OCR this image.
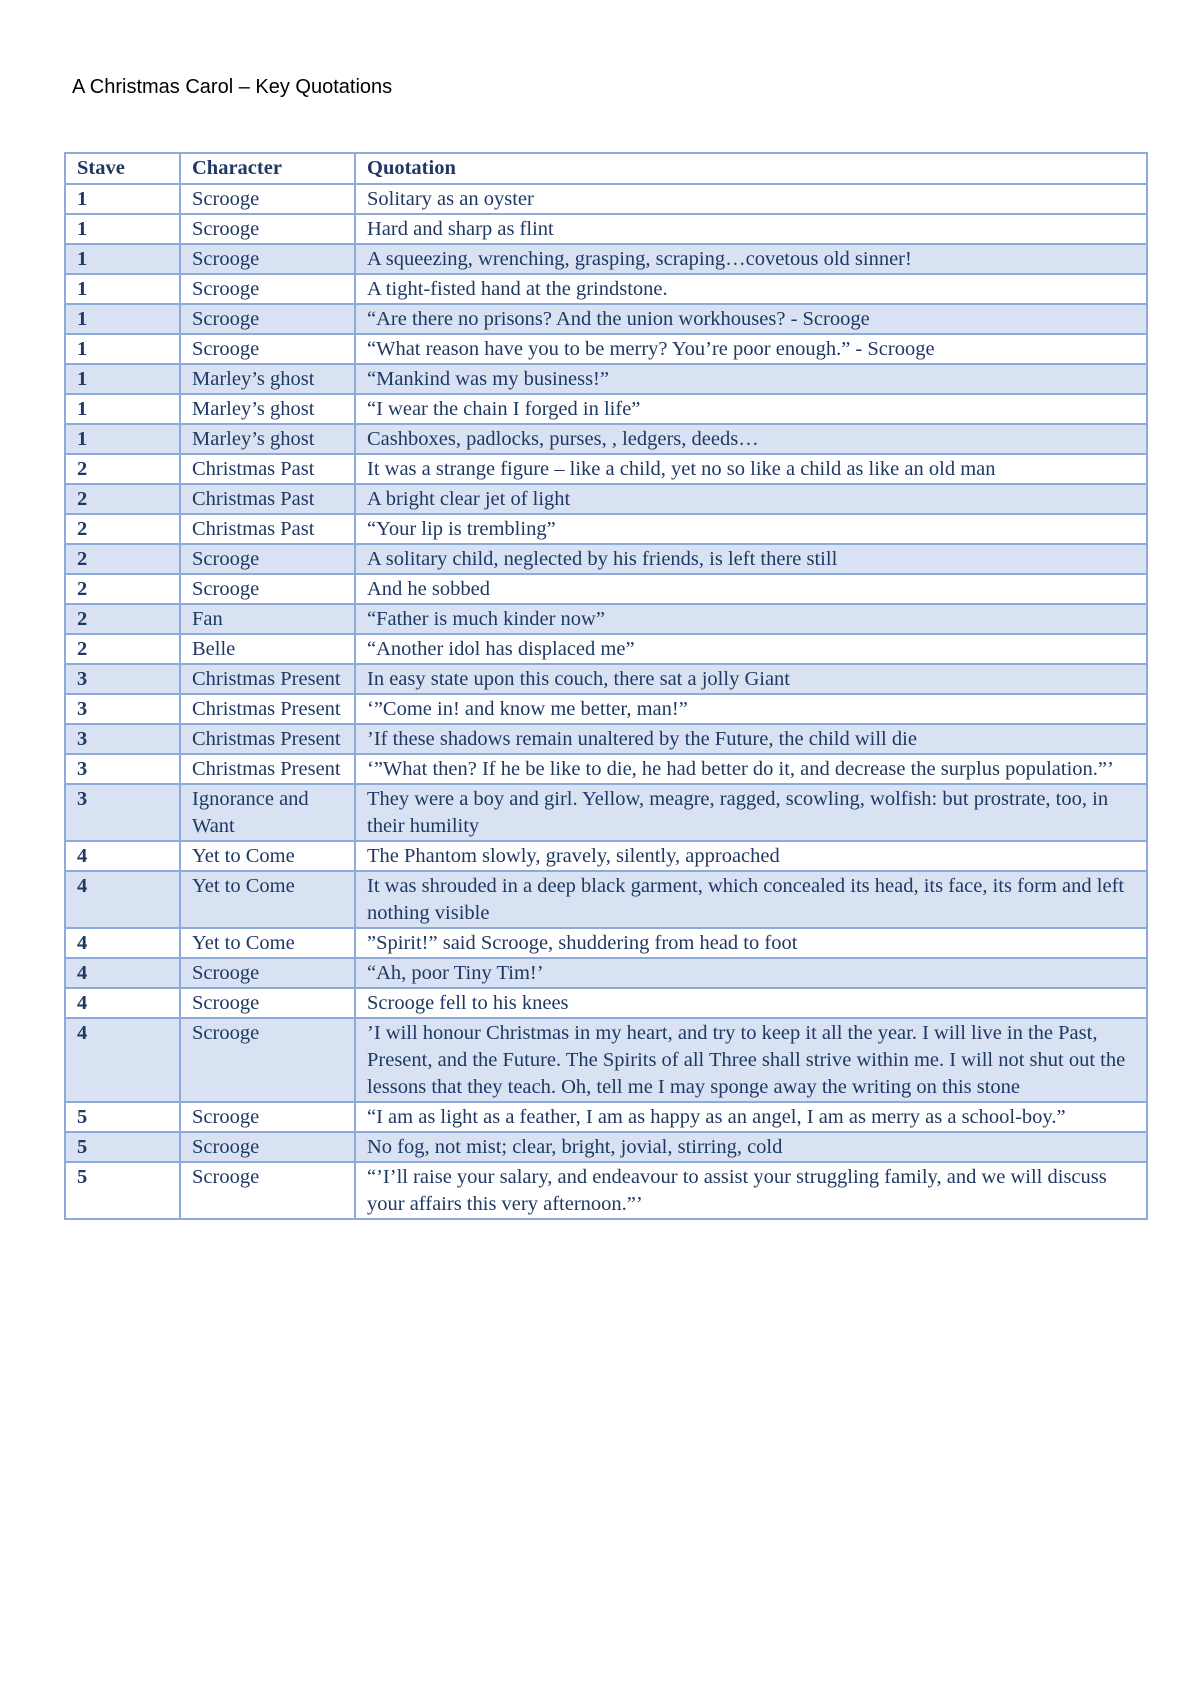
A Christmas Carol – Key Quotations
Stave	Character	Quotation
1	Scrooge	Solitary as an oyster
1	Scrooge	Hard and sharp as flint
1	Scrooge	A squeezing, wrenching, grasping, scraping…covetous old sinner!
1	Scrooge	A tight-fisted hand at the grindstone.
1	Scrooge	“Are there no prisons? And the union workhouses? - Scrooge
1	Scrooge	“What reason have you to be merry? You’re poor enough.” - Scrooge
1	Marley’s ghost	“Mankind was my business!”
1	Marley’s ghost	“I wear the chain I forged in life”
1	Marley’s ghost	Cashboxes, padlocks, purses, , ledgers, deeds…
2	Christmas Past	It was a strange figure – like a child, yet no so like a child as like an old man
2	Christmas Past	A bright clear jet of light
2	Christmas Past	“Your lip is trembling”
2	Scrooge	A solitary child, neglected by his friends, is left there still
2	Scrooge	And he sobbed
2	Fan	“Father is much kinder now”
2	Belle	“Another idol has displaced me”
3	Christmas Present	In easy state upon this couch, there sat a jolly Giant
3	Christmas Present	‘”Come in! and know me better, man!”
3	Christmas Present	’If these shadows remain unaltered by the Future, the child will die
3	Christmas Present	‘”What then? If he be like to die, he had better do it, and decrease the surplus population.”’
3	Ignorance and Want	They were a boy and girl. Yellow, meagre, ragged, scowling, wolfish: but prostrate, too, in their humility
4	Yet to Come	The Phantom slowly, gravely, silently, approached
4	Yet to Come	It was shrouded in a deep black garment, which concealed its head, its face, its form and left nothing visible
4	Yet to Come	”Spirit!” said Scrooge, shuddering from head to foot
4	Scrooge	“Ah, poor Tiny Tim!’
4	Scrooge	Scrooge fell to his knees
4	Scrooge	’I will honour Christmas in my heart, and try to keep it all the year. I will live in the Past, Present, and the Future. The Spirits of all Three shall strive within me. I will not shut out the lessons that they teach. Oh, tell me I may sponge away the writing on this stone
5	Scrooge	“I am as light as a feather, I am as happy as an angel, I am as merry as a school-boy.”
5	Scrooge	No fog, not mist; clear, bright, jovial, stirring, cold
5	Scrooge	“’I’ll raise your salary, and endeavour to assist your struggling family, and we will discuss your affairs this very afternoon.”’
